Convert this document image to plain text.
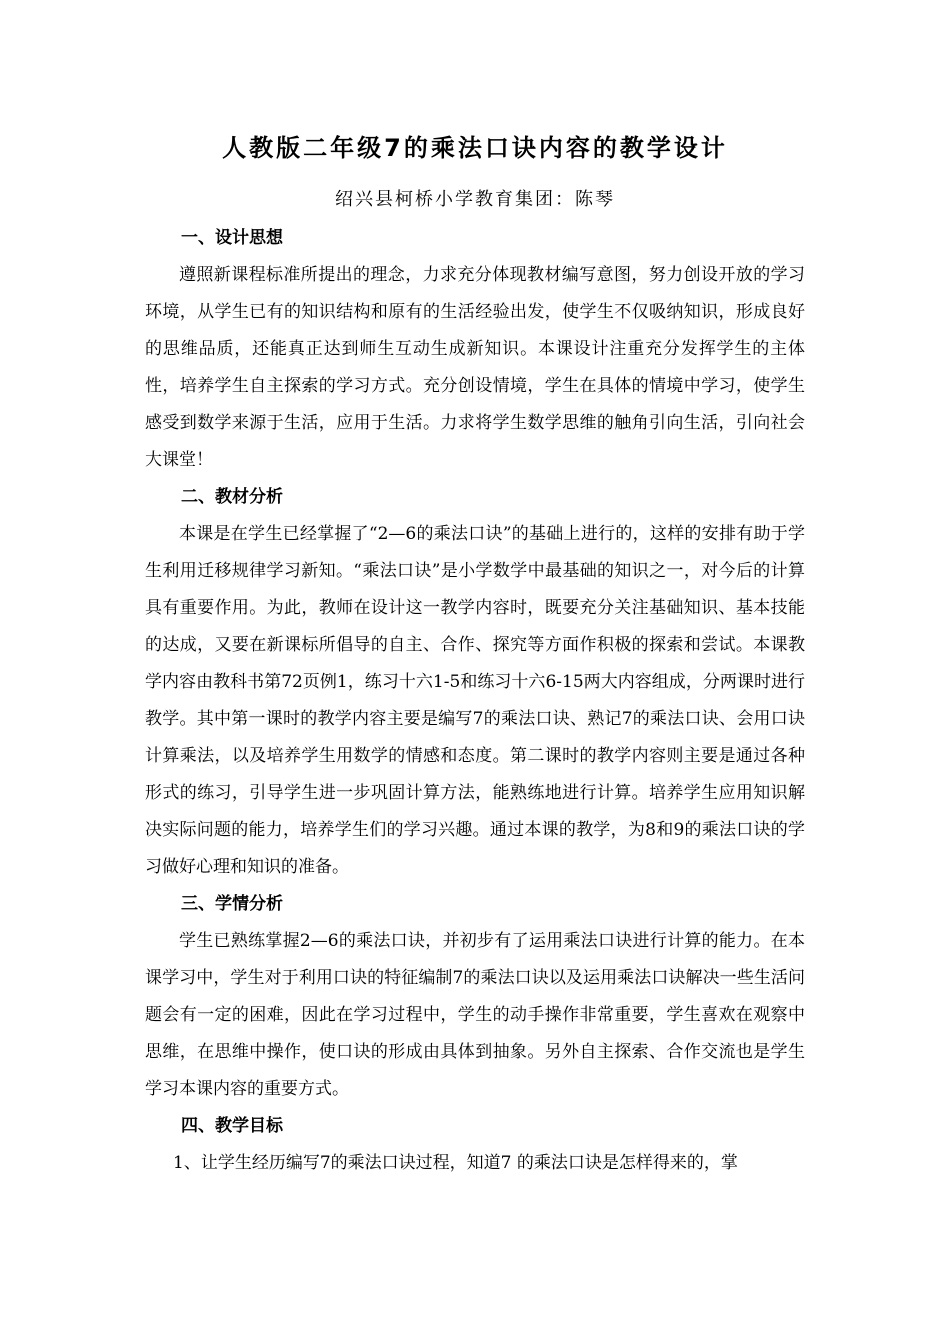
人教版二年级7的乘法口诀内容的教学设计
绍兴县柯桥小学教育集团：陈琴

一、设计思想

遵照新课程标准所提出的理念，力求充分体现教材编写意图，努力创设开放的学习环境，从学生已有的知识结构和原有的生活经验出发，使学生不仅吸纳知识，形成良好的思维品质，还能真正达到师生互动生成新知识。本课设计注重充分发挥学生的主体性，培养学生自主探索的学习方式。充分创设情境，学生在具体的情境中学习，使学生感受到数学来源于生活，应用于生活。力求将学生数学思维的触角引向生活，引向社会大课堂！

二、教材分析

本课是在学生已经掌握了“2—6的乘法口诀”的基础上进行的，这样的安排有助于学生利用迁移规律学习新知。“乘法口诀”是小学数学中最基础的知识之一，对今后的计算具有重要作用。为此，教师在设计这一教学内容时，既要充分关注基础知识、基本技能的达成，又要在新课标所倡导的自主、合作、探究等方面作积极的探索和尝试。本课教学内容由教科书第72页例1，练习十六1-5和练习十六6-15两大内容组成，分两课时进行教学。其中第一课时的教学内容主要是编写7的乘法口诀、熟记7的乘法口诀、会用口诀计算乘法，以及培养学生用数学的情感和态度。第二课时的教学内容则主要是通过各种形式的练习，引导学生进一步巩固计算方法，能熟练地进行计算。培养学生应用知识解决实际问题的能力，培养学生们的学习兴趣。通过本课的教学，为8和9的乘法口诀的学习做好心理和知识的准备。

三、学情分析

学生已熟练掌握2—6的乘法口诀，并初步有了运用乘法口诀进行计算的能力。在本课学习中，学生对于利用口诀的特征编制7的乘法口诀以及运用乘法口诀解决一些生活问题会有一定的困难，因此在学习过程中，学生的动手操作非常重要，学生喜欢在观察中思维，在思维中操作，使口诀的形成由具体到抽象。另外自主探索、合作交流也是学生学习本课内容的重要方式。

四、教学目标

1、让学生经历编写7的乘法口诀过程，知道7 的乘法口诀是怎样得来的，掌
